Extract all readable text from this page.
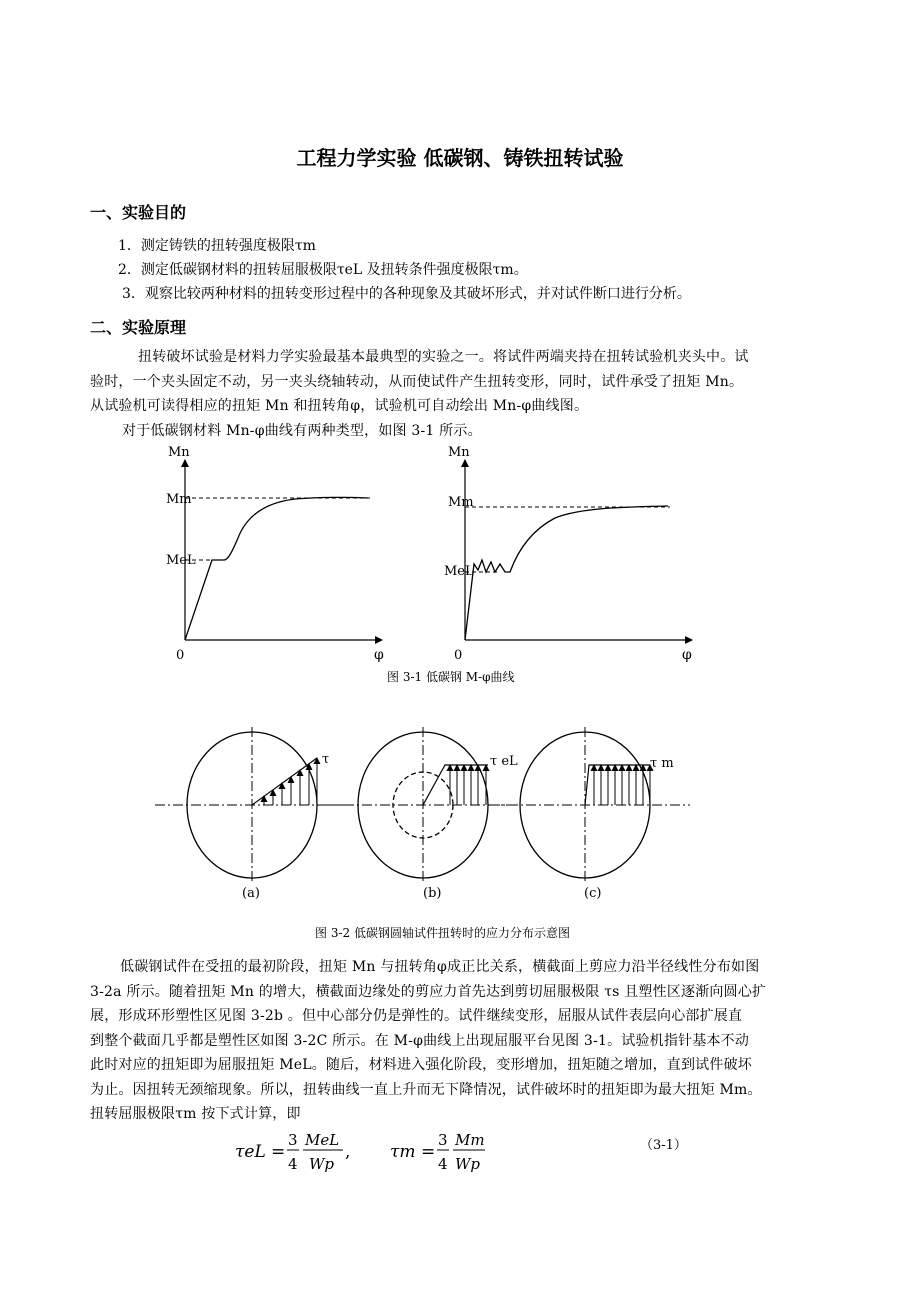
工程力学实验 低碳钢、铸铁扭转试验
一、实验目的
1．测定铸铁的扭转强度极限τm
2．测定低碳钢材料的扭转屈服极限τeL 及扭转条件强度极限τm。
3．观察比较两种材料的扭转变形过程中的各种现象及其破坏形式，并对试件断口进行分析。
二、实验原理
扭转破坏试验是材料力学实验最基本最典型的实验之一。将试件两端夹持在扭转试验机夹头中。试
验时，一个夹头固定不动，另一夹头绕轴转动，从而使试件产生扭转变形，同时，试件承受了扭矩 Mn。
从试验机可读得相应的扭矩 Mn 和扭转角φ，试验机可自动绘出 Mn-φ曲线图。
对于低碳钢材料 Mn-φ曲线有两种类型，如图 3-1 所示。
Mn
Mm
MeL
0	φ
Mn
Mm
MeL
0	φ
图 3-1 低碳钢 M-φ曲线
τ
(a)
τ eL
(b)
τ m
(c)
图 3-2 低碳钢圆轴试件扭转时的应力分布示意图
低碳钢试件在受扭的最初阶段，扭矩 Mn 与扭转角φ成正比关系，横截面上剪应力沿半径线性分布如图
3-2a 所示。随着扭矩 Mn 的增大，横截面边缘处的剪应力首先达到剪切屈服极限 τs 且塑性区逐渐向圆心扩
展，形成环形塑性区见图 3-2b 。但中心部分仍是弹性的。试件继续变形，屈服从试件表层向心部扩展直
到整个截面几乎都是塑性区如图 3-2C 所示。在 M-φ曲线上出现屈服平台见图 3-1。试验机指针基本不动
此时对应的扭矩即为屈服扭矩 MeL。随后，材料进入强化阶段，变形增加，扭矩随之增加，直到试件破坏
为止。因扭转无颈缩现象。所以，扭转曲线一直上升而无下降情况，试件破坏时的扭矩即为最大扭矩 Mm。
扭转屈服极限τm 按下式计算，即
τeL =
3
4
MeL
Wp
, τm =
3
4
Mm
Wp
（3-1）
